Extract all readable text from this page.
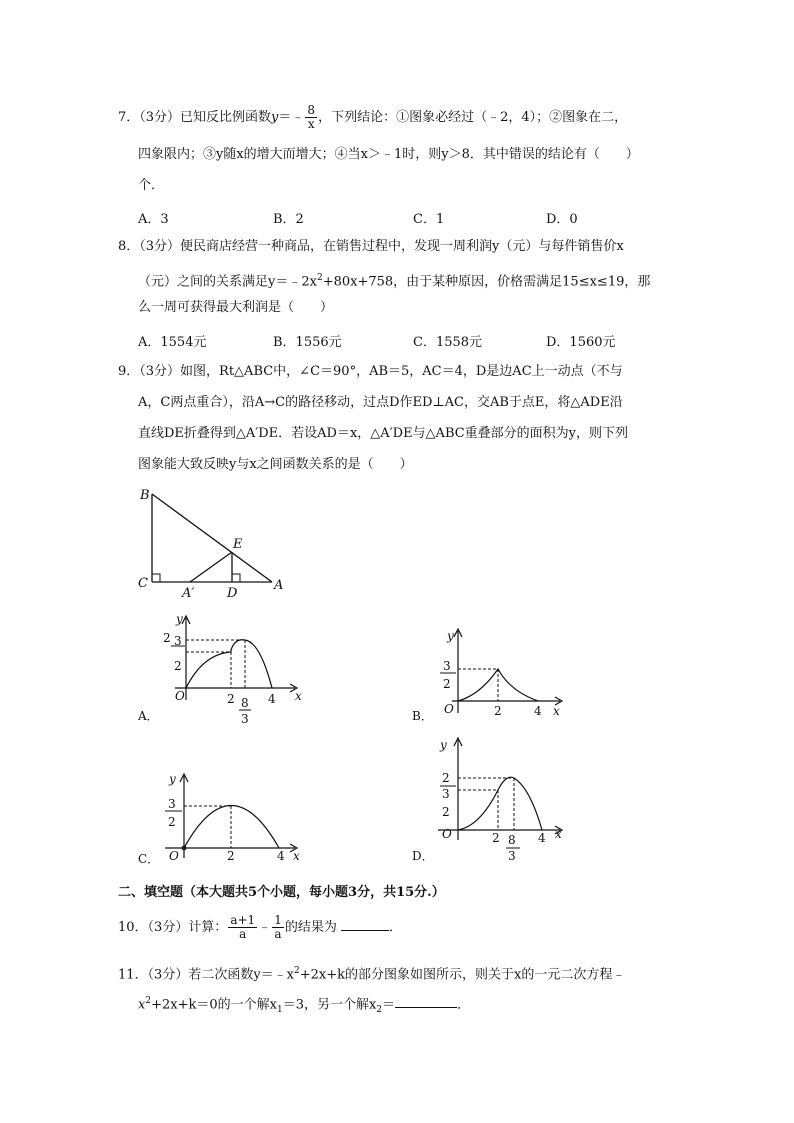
7．（3分）已知反比例函数y＝﹣ $\frac{8}{x}$ ，下列结论：①图象必经过（﹣2，4）；②图象在二，
四象限内；③y随x的增大而增大；④当x＞﹣1时，则y＞8．其中错误的结论有（　　）
个．
A．3	B．2	C．1	D．0
8．（3分）便民商店经营一种商品，在销售过程中，发现一周利润y（元）与每件销售价x
（元）之间的关系满足$y=﹣2x^2+80x+758$，由于某种原因，价格需满足15≤x≤19，那
么一周可获得最大利润是（　　）
A．1554元	B．1556元	C．1558元	D．1560元
9．（3分）如图，Rt△ABC中，∠C＝90°，AB＝5，AC＝4，D是边AC上一动点（不与
A，C两点重合），沿A→C的路径移动，过点D作ED⊥AC，交AB于点E，将△ADE沿
直线DE折叠得到△A′DE．若设AD＝x，△A′DE与△ABC重叠部分的面积为y，则下列
图象能大致反映y与x之间函数关系的是（　　）
B
C
E
A
A′	D
y
x
O
2 3
2
2 8
3
4
A．
y
x
O
3
2
2	4
B．
y
x
O
3
2
2	4
C．
y
x
O
2
3
2
2 8
3
4
D．
二、填空题（本大题共5个小题，每小题3分，共15分.）
10．（3分）计算： $\frac{a+1}{a}$ ﹣ $\frac{1}{a}$ 的结果为	．
11．（3分）若二次函数$y=﹣x^2+2x+k$的部分图象如图所示，则关于x的一元二次方程﹣
$x^2+2x+k=0$的一个解$x_1=3$，另一个解$x_2=$	．
